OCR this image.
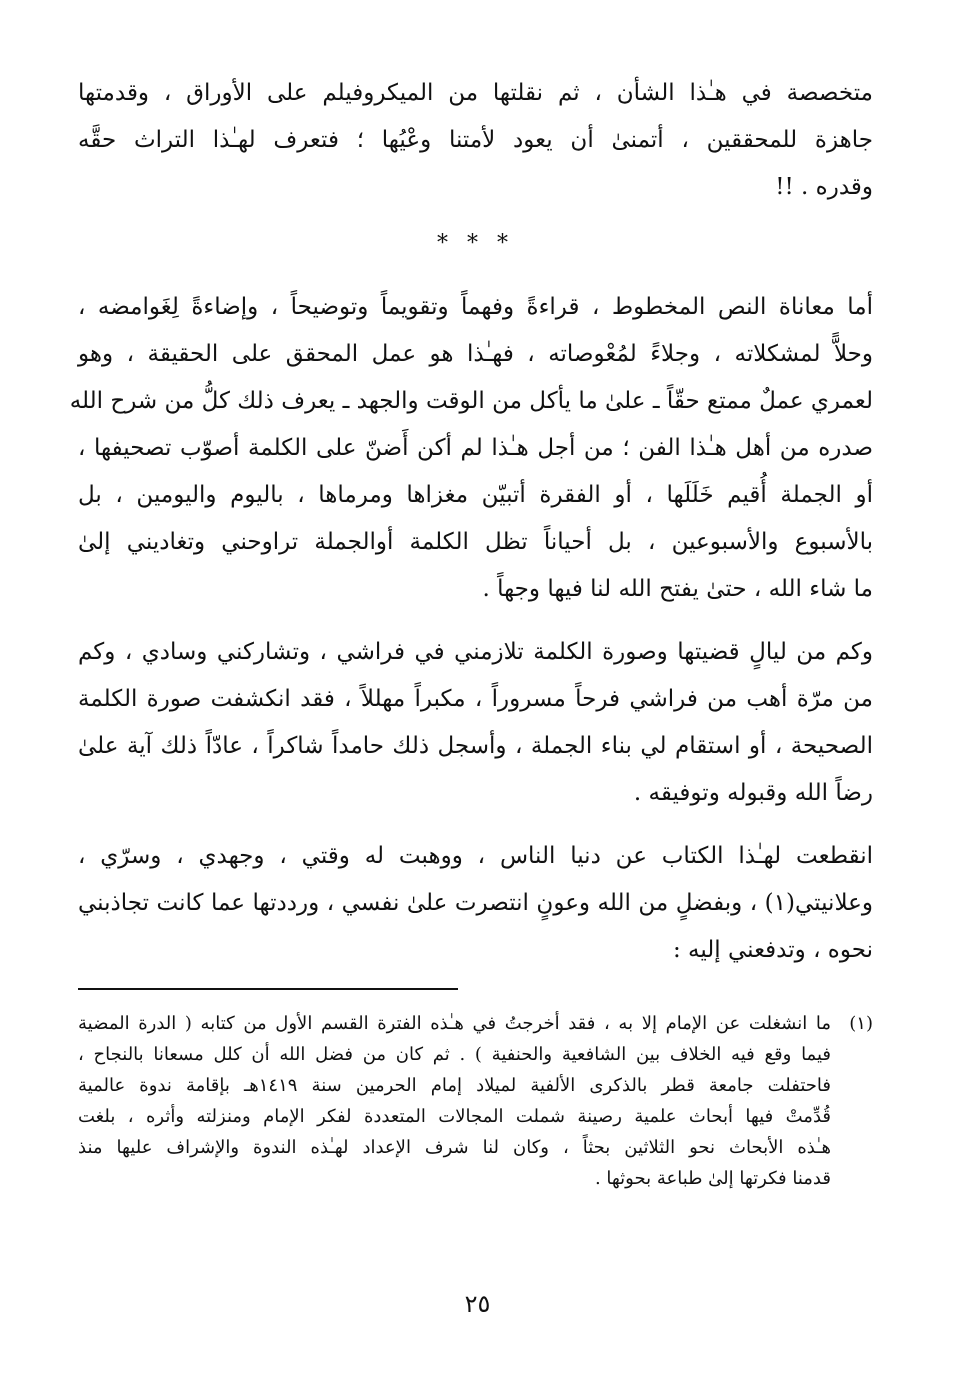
متخصصة في هـٰذا الشأن ، ثم نقلتها من الميكروفيلم على الأوراق ، وقدمتها
جاهزة للمحققين ، أتمنىٰ أن يعود لأمتنا وعْيُها ؛ فتعرف لهـٰذا التراث حقَّه
وقدره . !!
* * *
أما معاناة النص المخطوط ، قراءةً وفهماً وتقويماً وتوضيحاً ، وإضاءةً لِغَوامضه ،
وحلاًّ لمشكلاته ، وجلاءً لمُعْوصاته ، فهـٰذا هو عمل المحقق على الحقيقة ، وهو
لعمري عملٌ ممتع حقّاً ـ علىٰ ما يأكل من الوقت والجهد ـ يعرف ذلك كلُّ من شرح الله
صدره من أهل هـٰذا الفن ؛ من أجل هـٰذا لم أكن أَضنّ على الكلمة أصوّب تصحيفها ،
أو الجملة أُقيم خَلَلَها ، أو الفقرة أتبيّن مغزاها ومرماها ، باليوم واليومين ، بل
بالأسبوع والأسبوعين ، بل أحياناً تظل الكلمة أوالجملة تراوحني وتغاديني إلىٰ
ما شاء الله ، حتىٰ يفتح الله لنا فيها وجهاً .
وكم من ليالٍ قضيتها وصورة الكلمة تلازمني في فراشي ، وتشاركني وسادي ، وكم
من مرّة أهب من فراشي فرحاً مسروراً ، مكبراً مهللاً ، فقد انكشفت صورة الكلمة
الصحيحة ، أو استقام لي بناء الجملة ، وأسجل ذلك حامداً شاكراً ، عادّاً ذلك آية علىٰ
رضاً الله وقبوله وتوفيقه .
انقطعت لهـٰذا الكتاب عن دنيا الناس ، ووهبت له وقتي ، وجهدي ، وسرّي ،
وعلانيتي(١) ، وبفضلٍ من الله وعونٍ انتصرت علىٰ نفسي ، ورددتها عما كانت تجاذبني
نحوه ، وتدفعني إليه :
(١)
ما انشغلت عن الإمام إلا به ، فقد أخرجتُ في هـٰذه الفترة القسم الأول من كتابه ( الدرة المضية
فيما وقع فيه الخلاف بين الشافعية والحنفية ) . ثم كان من فضل الله أن كلل مسعانا بالنجاح ،
فاحتفلت جامعة قطر بالذكرى الألفية لميلاد إمام الحرمين سنة ١٤١٩هـ بإقامة ندوة عالمية
قُدِّمتْ فيها أبحاث علمية رصينة شملت المجالات المتعددة لفكر الإمام ومنزلته وأثره ، بلغت
هـٰذه الأبحاث نحو الثلاثين بحثاً ، وكان لنا شرف الإعداد لهـٰذه الندوة والإشراف عليها منذ
قدمنا فكرتها إلىٰ طباعة بحوثها .
٢٥
